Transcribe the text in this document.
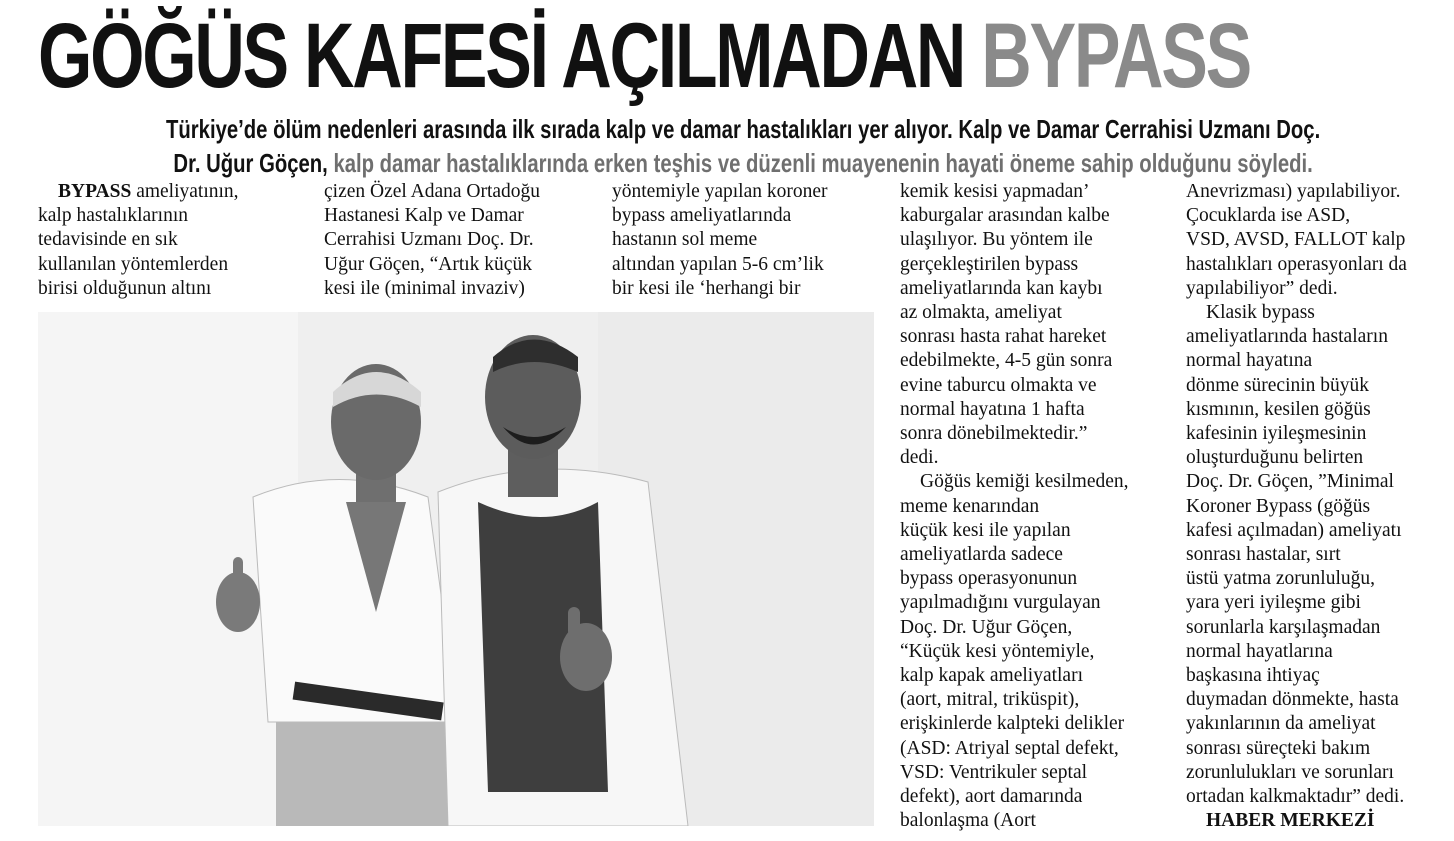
GÖĞÜS KAFESİ AÇILMADAN BYPASS
Türkiye’de ölüm nedenleri arasında ilk sırada kalp ve damar hastalıkları yer alıyor. Kalp ve Damar Cerrahisi Uzmanı Doç.
Dr. Uğur Göçen, kalp damar hastalıklarında erken teşhis ve düzenli muayenenin hayati öneme sahip olduğunu söyledi.

BYPASS ameliyatının,

kalp hastalıklarının

tedavisinde en sık

kullanılan yöntemlerden

birisi olduğunun altını

çizen Özel Adana Ortadoğu

Hastanesi Kalp ve Damar

Cerrahisi Uzmanı Doç. Dr.

Uğur Göçen, “Artık küçük

kesi ile (minimal invaziv)

yöntemiyle yapılan koroner

bypass ameliyatlarında

hastanın sol meme

altından yapılan 5-6 cm’lik

bir kesi ile ‘herhangi bir

kemik kesisi yapmadan’

kaburgalar arasından kalbe

ulaşılıyor. Bu yöntem ile

gerçekleştirilen bypass

ameliyatlarında kan kaybı

az olmakta, ameliyat

sonrası hasta rahat hareket

edebilmekte, 4-5 gün sonra

evine taburcu olmakta ve

normal hayatına 1 hafta

sonra dönebilmektedir.”

dedi.

Göğüs kemiği kesilmeden,

meme kenarından

küçük kesi ile yapılan

ameliyatlarda sadece

bypass operasyonunun

yapılmadığını vurgulayan

Doç. Dr. Uğur Göçen,

“Küçük kesi yöntemiyle,

kalp kapak ameliyatları

(aort, mitral, triküspit),

erişkinlerde kalpteki delikler

(ASD: Atriyal septal defekt,

VSD: Ventrikuler septal

defekt), aort damarında

balonlaşma (Aort

Anevrizması) yapılabiliyor.

Çocuklarda ise ASD,

VSD, AVSD, FALLOT kalp

hastalıkları operasyonları da

yapılabiliyor” dedi.

Klasik bypass

ameliyatlarında hastaların

normal hayatına

dönme sürecinin büyük

kısmının, kesilen göğüs

kafesinin iyileşmesinin

oluşturduğunu belirten

Doç. Dr. Göçen, ”Minimal

Koroner Bypass (göğüs

kafesi açılmadan) ameliyatı

sonrası hastalar, sırt

üstü yatma zorunluluğu,

yara yeri iyileşme gibi

sorunlarla karşılaşmadan

normal hayatlarına

başkasına ihtiyaç

duymadan dönmekte, hasta

yakınlarının da ameliyat

sonrası süreçteki bakım

zorunlulukları ve sorunları

ortadan kalkmaktadır” dedi.

HABER MERKEZİ
